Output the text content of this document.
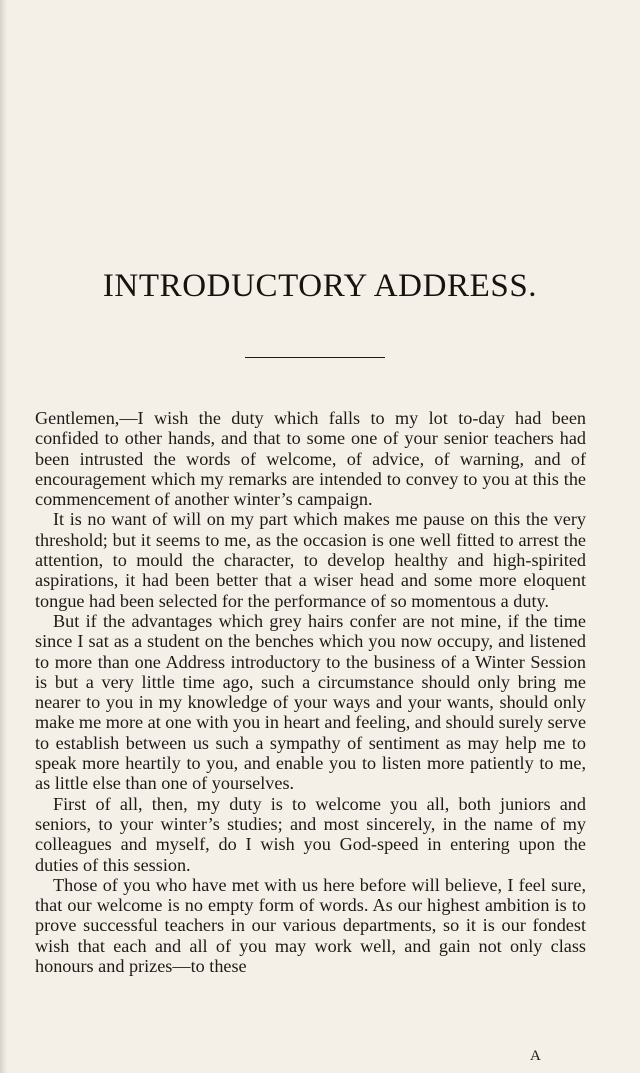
INTRODUCTORY ADDRESS.

Gentlemen,—I wish the duty which falls to my lot to-day had been confided to other hands, and that to some one of your senior teachers had been intrusted the words of welcome, of advice, of warning, and of encouragement which my remarks are intended to convey to you at this the commencement of another winter’s campaign.

It is no want of will on my part which makes me pause on this the very threshold; but it seems to me, as the occasion is one well fitted to arrest the attention, to mould the character, to develop healthy and high-spirited aspirations, it had been better that a wiser head and some more eloquent tongue had been selected for the performance of so momentous a duty.

But if the advantages which grey hairs confer are not mine, if the time since I sat as a student on the benches which you now occupy, and listened to more than one Address introductory to the business of a Winter Session is but a very little time ago, such a circumstance should only bring me nearer to you in my knowledge of your ways and your wants, should only make me more at one with you in heart and feeling, and should surely serve to establish between us such a sympathy of sentiment as may help me to speak more heartily to you, and enable you to listen more patiently to me, as little else than one of yourselves.

First of all, then, my duty is to welcome you all, both juniors and seniors, to your winter’s studies; and most sincerely, in the name of my colleagues and myself, do I wish you God-speed in entering upon the duties of this session.

Those of you who have met with us here before will believe, I feel sure, that our welcome is no empty form of words. As our highest ambition is to prove successful teachers in our various departments, so it is our fondest wish that each and all of you may work well, and gain not only class honours and prizes—to these

A
